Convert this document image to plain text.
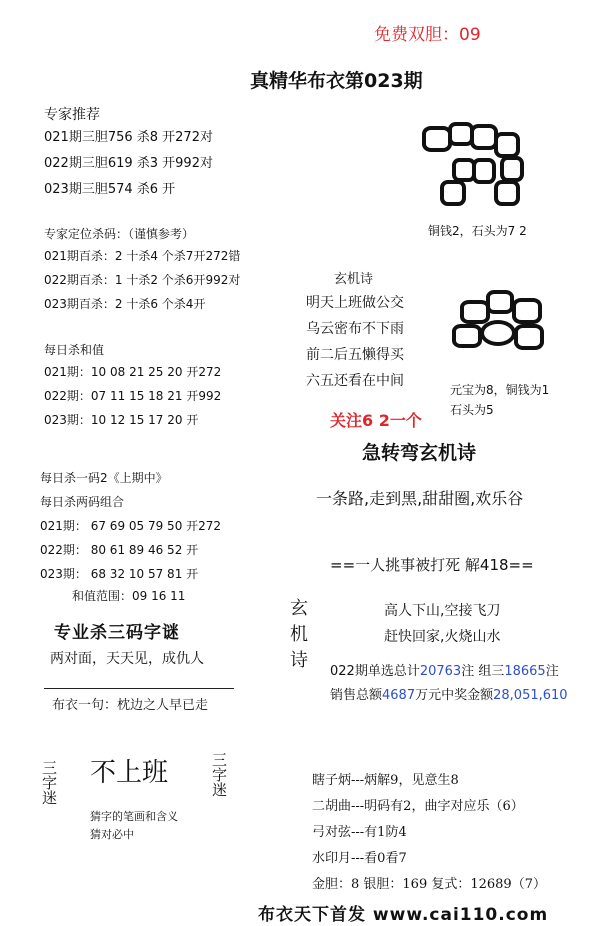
免费双胆：09
真精华布衣第023期
专家推荐
021期三胆756 杀8 开272对
022期三胆619 杀3 开992对
023期三胆574 杀6 开
专家定位杀码：（谨慎参考）
021期百杀：2 十杀4 个杀7开272错
022期百杀：1 十杀2 个杀6开992对
023期百杀：2 十杀6 个杀4开
每日杀和值
021期：10 08 21 25 20 开272
022期：07 11 15 18 21 开992
023期：10 12 15 17 20 开
每日杀一码2《上期中》
每日杀两码组合
021期： 67 69 05 79 50 开272
022期： 80 61 89 46 52 开
023期： 68 32 10 57 81 开
和值范围：09 16 11
专业杀三码字谜
两对面，天天见，成仇人
布衣一句：枕边之人早已走
三字迷 不上班	三字迷
猜字的笔画和含义
猜对必中
铜钱2，石头为7 2
玄机诗
明天上班做公交
乌云密布不下雨
前二后五懒得买
六五还看在中间
元宝为8，铜钱为1
石头为5
关注6 2一个
急转弯玄机诗
一条路,走到黑,甜甜圈,欢乐谷
==一人挑事被打死 解418==
玄机诗	高人下山,空接飞刀
赶快回家,火烧山水
022期单选总计20763注 组三18665注
销售总额4687万元中奖金额28,051,610
瞎子炳---炳解9，见意生8
二胡曲---明码有2，曲字对应乐（6）
弓对弦---有1防4
水印月---看0看7
金胆：8 银胆：169 复式：12689（7）
布衣天下首发 www.cai110.com
